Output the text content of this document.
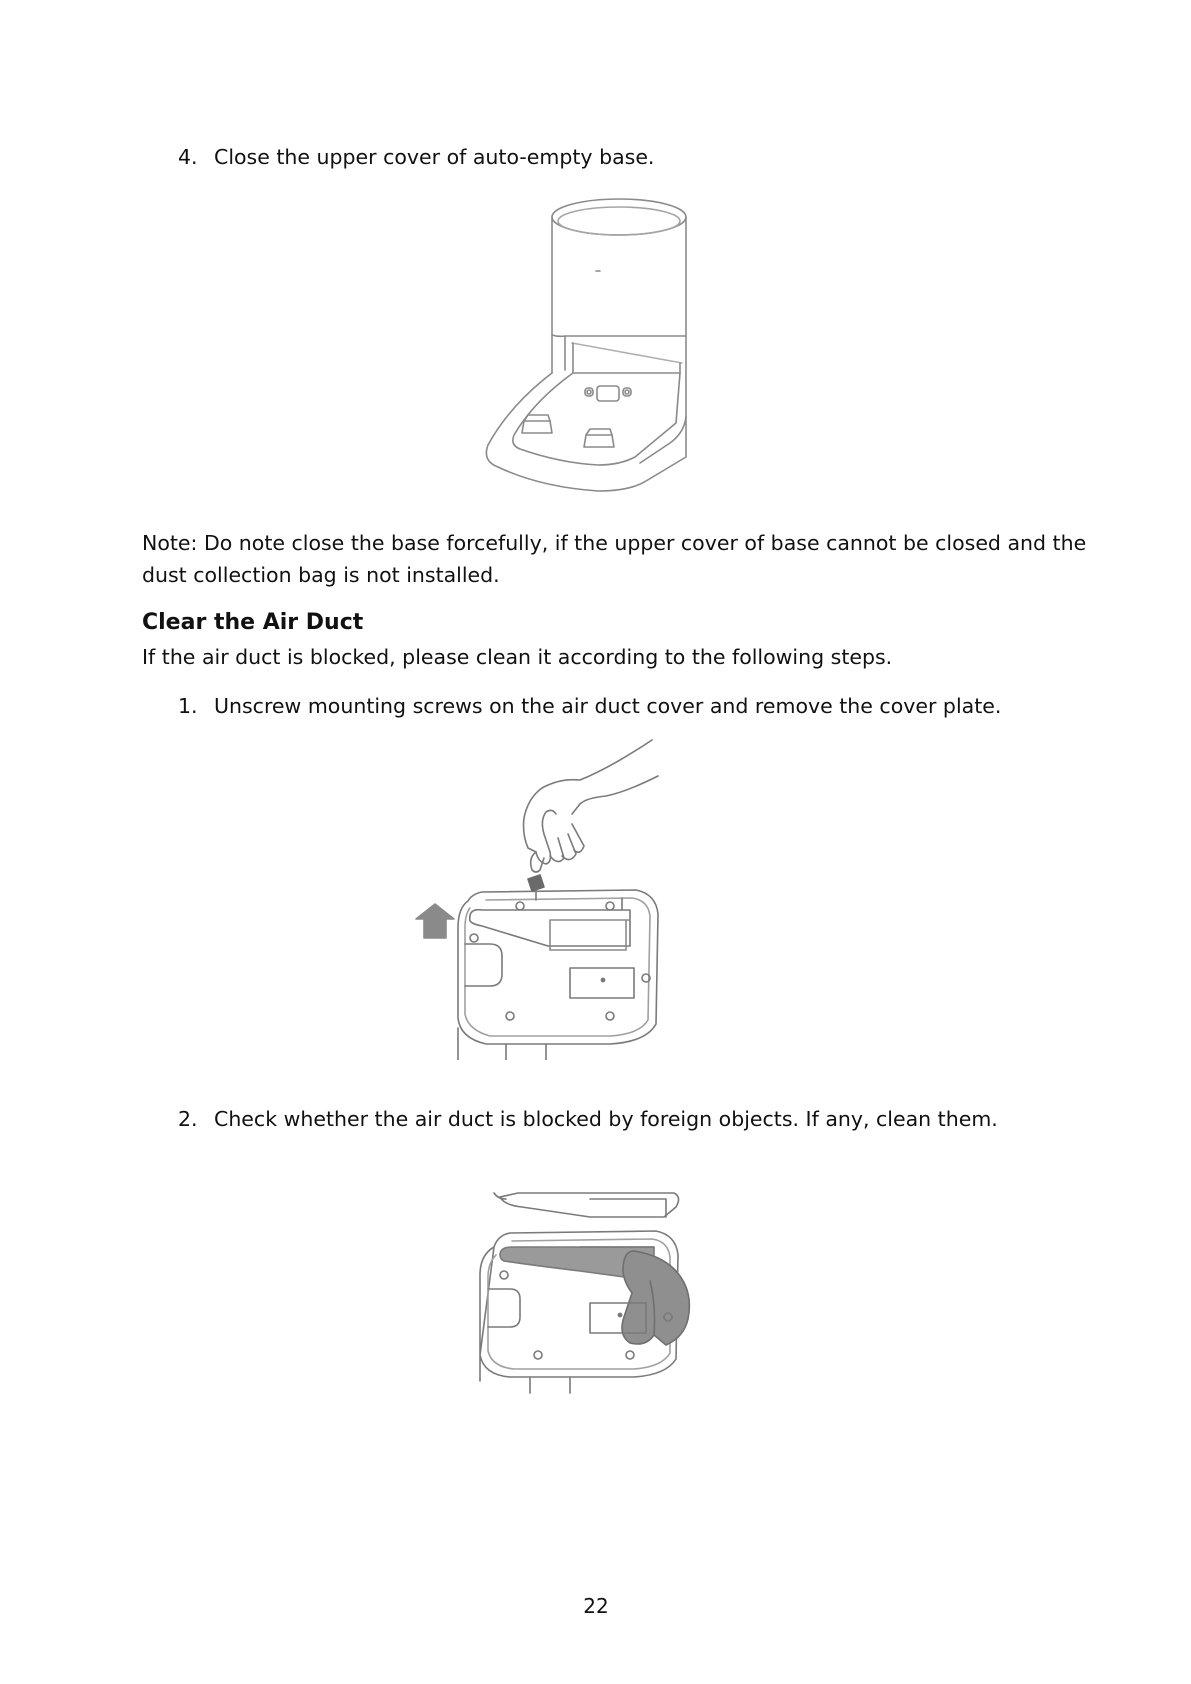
4. Close the upper cover of auto-empty base.
Note: Do note close the base forcefully, if the upper cover of base cannot be closed and the
dust collection bag is not installed.
Clear the Air Duct
If the air duct is blocked, please clean it according to the following steps.
1. Unscrew mounting screws on the air duct cover and remove the cover plate.
2. Check whether the air duct is blocked by foreign objects. If any, clean them.
22
